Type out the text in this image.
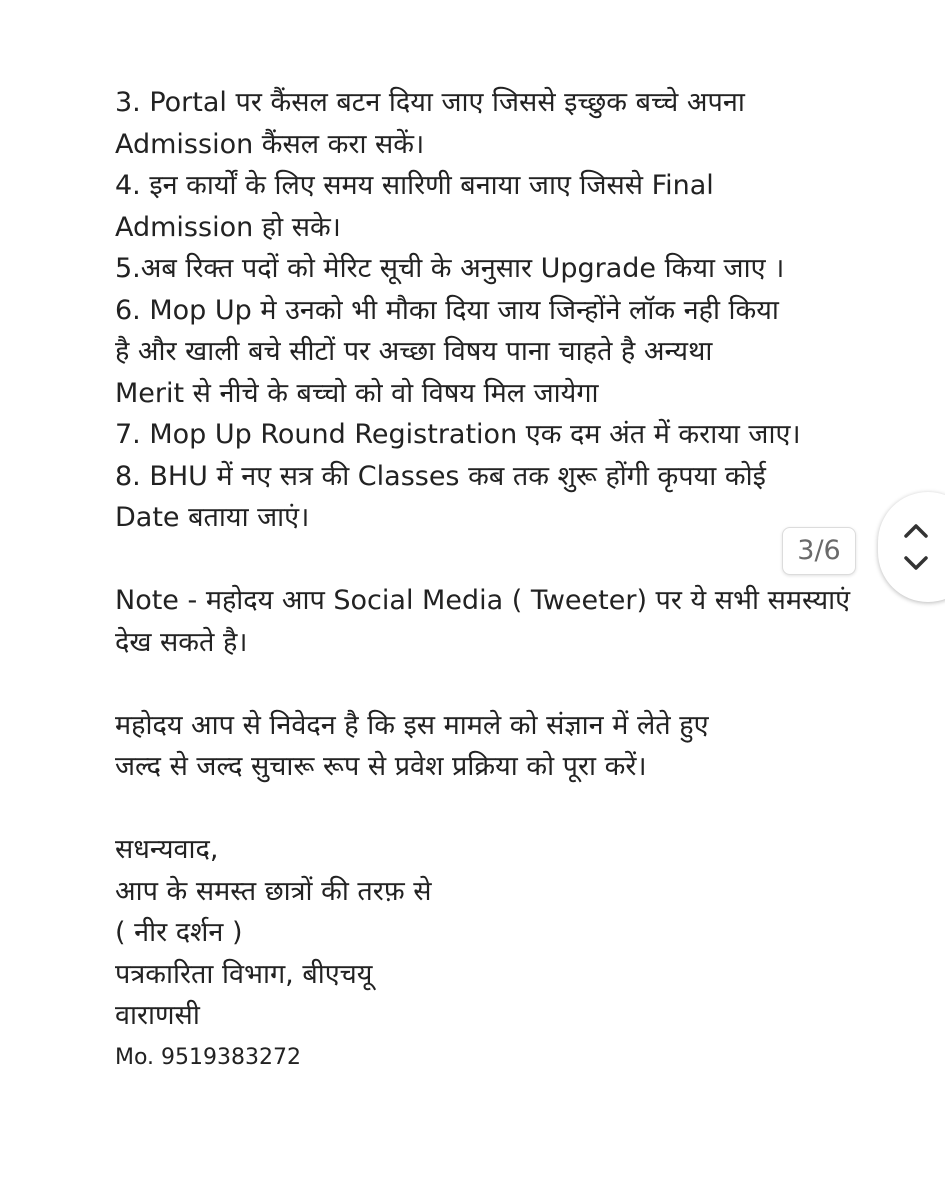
3. Portal पर कैंसल बटन दिया जाए जिससे इच्छुक बच्चे अपना
Admission कैंसल करा सकें।
4. इन कार्यों के लिए समय सारिणी बनाया जाए जिससे Final
Admission हो सके।
5.अब रिक्त पदों को मेरिट सूची के अनुसार Upgrade किया जाए ।
6. Mop Up मे उनको भी मौका दिया जाय जिन्होंने लॉक नही किया
है और खाली बचे सीटों पर अच्छा विषय पाना चाहते है अन्यथा
Merit से नीचे के बच्चो को वो विषय मिल जायेगा
7. Mop Up Round Registration एक दम अंत में कराया जाए।
8. BHU में नए सत्र की Classes कब तक शुरू होंगी कृपया कोई
Date बताया जाएं।
Note - महोदय आप Social Media ( Tweeter) पर ये सभी समस्याएं
देख सकते है।
महोदय आप से निवेदन है कि इस मामले को संज्ञान में लेते हुए
जल्द से जल्द सुचारू रूप से प्रवेश प्रक्रिया को पूरा करें।
सधन्यवाद,
आप के समस्त छात्रों की तरफ़ से
( नीर दर्शन )
पत्रकारिता विभाग, बीएचयू
वाराणसी
Mo. 9519383272
3/6
